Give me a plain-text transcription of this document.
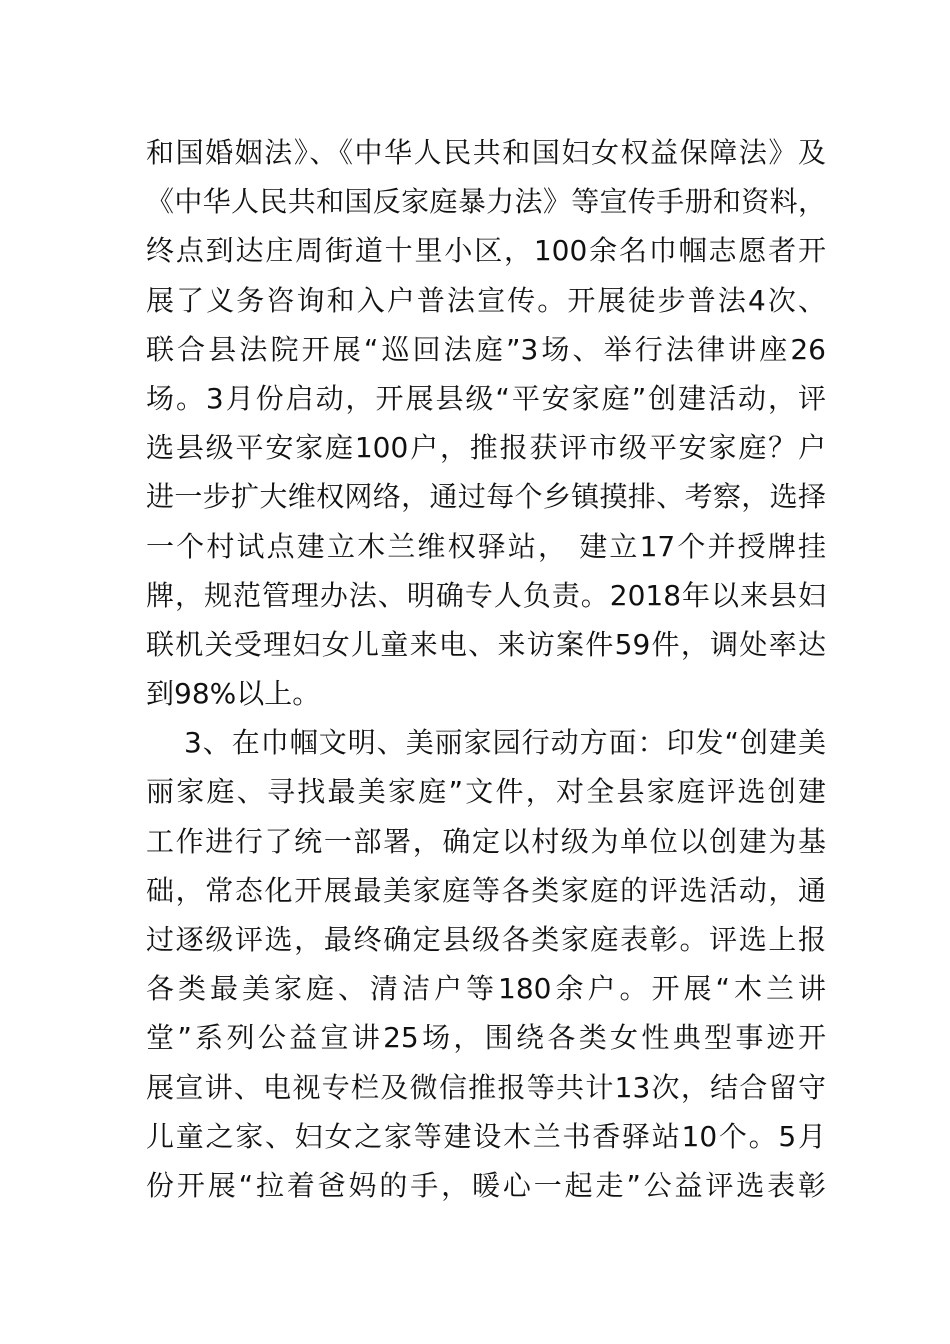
和国婚姻法》、《中华人民共和国妇女权益保障法》及
《中华人民共和国反家庭暴力法》等宣传手册和资料，
终点到达庄周街道十里小区，100余名巾帼志愿者开
展了义务咨询和入户普法宣传。开展徒步普法4次、
联合县法院开展“巡回法庭”3场、举行法律讲座26
场。3月份启动，开展县级“平安家庭”创建活动，评
选县级平安家庭100户，推报获评市级平安家庭？户
进一步扩大维权网络，通过每个乡镇摸排、考察，选择
一个村试点建立木兰维权驿站， 建立17个并授牌挂
牌，规范管理办法、明确专人负责。2018年以来县妇
联机关受理妇女儿童来电、来访案件59件，调处率达
到98%以上。
3、在巾帼文明、美丽家园行动方面：印发“创建美
丽家庭、寻找最美家庭”文件，对全县家庭评选创建
工作进行了统一部署，确定以村级为单位以创建为基
础，常态化开展最美家庭等各类家庭的评选活动，通
过逐级评选，最终确定县级各类家庭表彰。评选上报
各类最美家庭、清洁户等180余户。开展“木兰讲
堂”系列公益宣讲25场，围绕各类女性典型事迹开
展宣讲、电视专栏及微信推报等共计13次，结合留守
儿童之家、妇女之家等建设木兰书香驿站10个。5月
份开展“拉着爸妈的手，暖心一起走”公益评选表彰
